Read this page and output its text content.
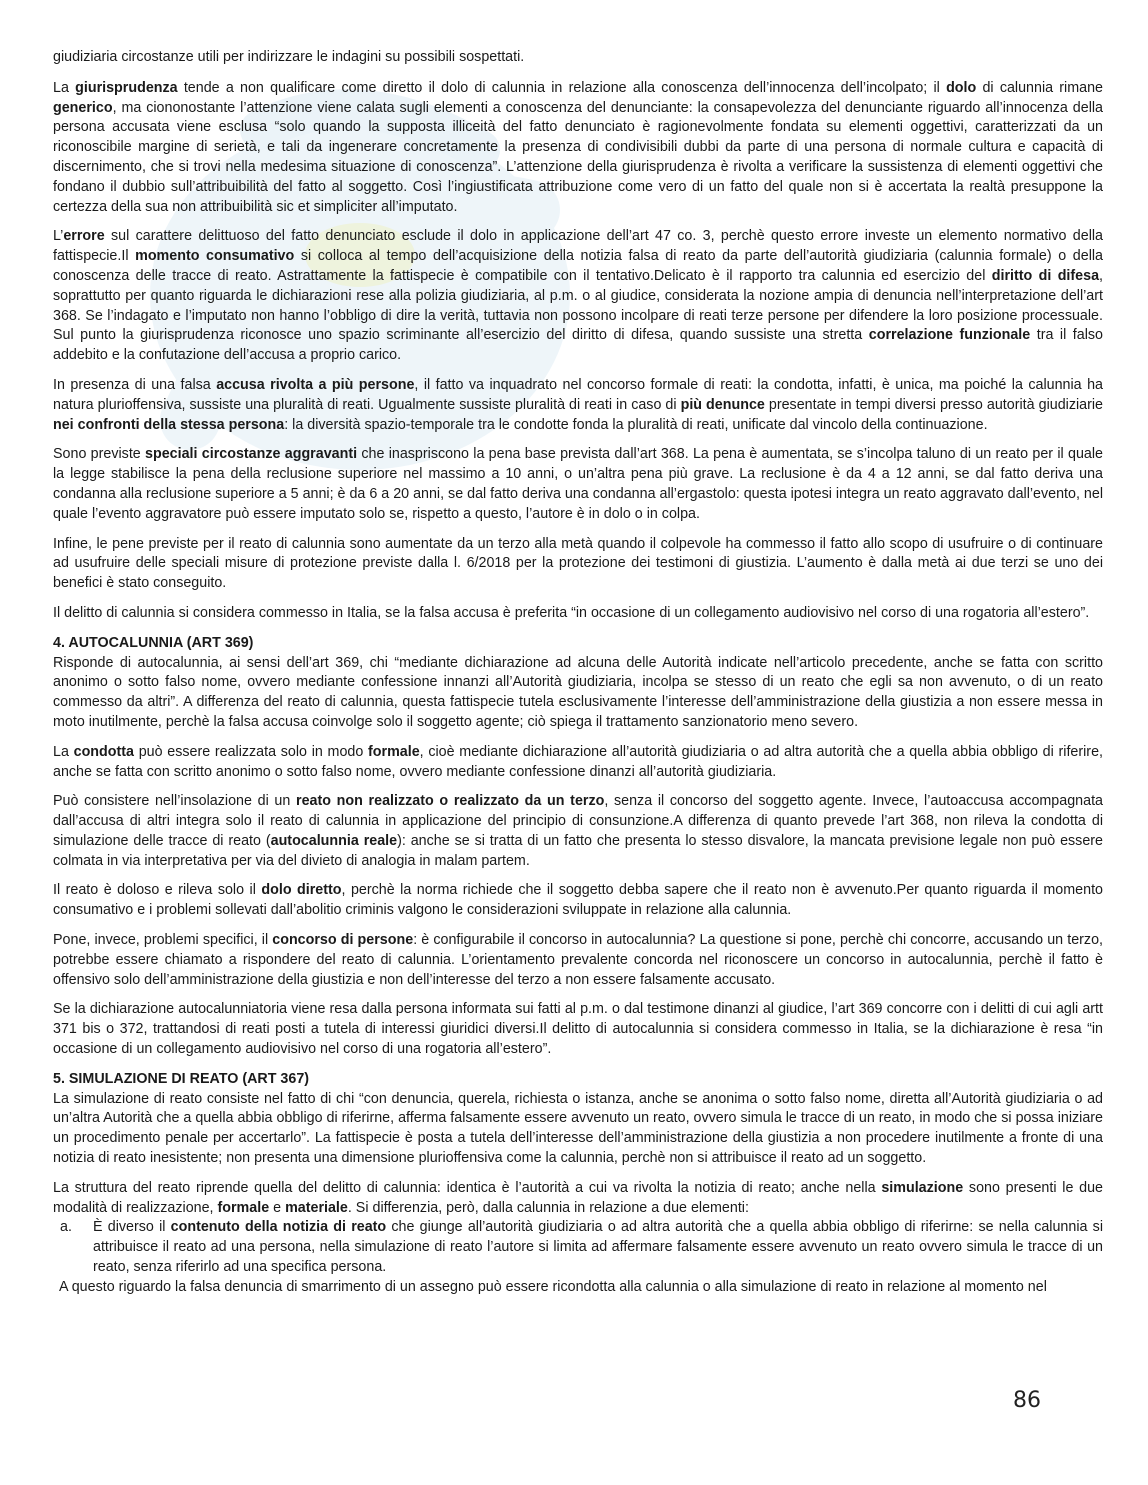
giudiziaria circostanze utili per indirizzare le indagini su possibili sospettati.

La giurisprudenza tende a non qualificare come diretto il dolo di calunnia in relazione alla conoscenza dell’innocenza dell’incolpato; il dolo di calunnia rimane generico, ma ciononostante l’attenzione viene calata sugli elementi a conoscenza del denunciante: la consapevolezza del denunciante riguardo all’innocenza della persona accusata viene esclusa “solo quando la supposta illiceità del fatto denunciato è ragionevolmente fondata su elementi oggettivi, caratterizzati da un riconoscibile margine di serietà, e tali da ingenerare concretamente la presenza di condivisibili dubbi da parte di una persona di normale cultura e capacità di discernimento, che si trovi nella medesima situazione di conoscenza”. L’attenzione della giurisprudenza è rivolta a verificare la sussistenza di elementi oggettivi che fondano il dubbio sull’attribuibilità del fatto al soggetto. Così l’ingiustificata attribuzione come vero di un fatto del quale non si è accertata la realtà presuppone la certezza della sua non attribuibilità sic et simpliciter all’imputato.

L’errore sul carattere delittuoso del fatto denunciato esclude il dolo in applicazione dell’art 47 co. 3, perchè questo errore investe un elemento normativo della fattispecie.Il momento consumativo si colloca al tempo dell’acquisizione della notizia falsa di reato da parte dell’autorità giudiziaria (calunnia formale) o della conoscenza delle tracce di reato. Astrattamente la fattispecie è compatibile con il tentativo.Delicato è il rapporto tra calunnia ed esercizio del diritto di difesa, soprattutto per quanto riguarda le dichiarazioni rese alla polizia giudiziaria, al p.m. o al giudice, considerata la nozione ampia di denuncia nell’interpretazione dell’art 368. Se l’indagato e l’imputato non hanno l’obbligo di dire la verità, tuttavia non possono incolpare di reati terze persone per difendere la loro posizione processuale. Sul punto la giurisprudenza riconosce uno spazio scriminante all’esercizio del diritto di difesa, quando sussiste una stretta correlazione funzionale tra il falso addebito e la confutazione dell’accusa a proprio carico.

In presenza di una falsa accusa rivolta a più persone, il fatto va inquadrato nel concorso formale di reati: la condotta, infatti, è unica, ma poiché la calunnia ha natura plurioffensiva, sussiste una pluralità di reati. Ugualmente sussiste pluralità di reati in caso di più denunce presentate in tempi diversi presso autorità giudiziarie nei confronti della stessa persona: la diversità spazio-temporale tra le condotte fonda la pluralità di reati, unificate dal vincolo della continuazione.

Sono previste speciali circostanze aggravanti che inaspriscono la pena base prevista dall’art 368. La pena è aumentata, se s’incolpa taluno di un reato per il quale la legge stabilisce la pena della reclusione superiore nel massimo a 10 anni, o un’altra pena più grave. La reclusione è da 4 a 12 anni, se dal fatto deriva una condanna alla reclusione superiore a 5 anni; è da 6 a 20 anni, se dal fatto deriva una condanna all’ergastolo: questa ipotesi integra un reato aggravato dall’evento, nel quale l’evento aggravatore può essere imputato solo se, rispetto a questo, l’autore è in dolo o in colpa.

Infine, le pene previste per il reato di calunnia sono aumentate da un terzo alla metà quando il colpevole ha commesso il fatto allo scopo di usufruire o di continuare ad usufruire delle speciali misure di protezione previste dalla l. 6/2018 per la protezione dei testimoni di giustizia. L’aumento è dalla metà ai due terzi se uno dei benefici è stato conseguito.

Il delitto di calunnia si considera commesso in Italia, se la falsa accusa è preferita “in occasione di un collegamento audiovisivo nel corso di una rogatoria all’estero”.

4. AUTOCALUNNIA (ART 369)

Risponde di autocalunnia, ai sensi dell’art 369, chi “mediante dichiarazione ad alcuna delle Autorità indicate nell’articolo precedente, anche se fatta con scritto anonimo o sotto falso nome, ovvero mediante confessione innanzi all’Autorità giudiziaria, incolpa se stesso di un reato che egli sa non avvenuto, o di un reato commesso da altri”. A differenza del reato di calunnia, questa fattispecie tutela esclusivamente l’interesse dell’amministrazione della giustizia a non essere messa in moto inutilmente, perchè la falsa accusa coinvolge solo il soggetto agente; ciò spiega il trattamento sanzionatorio meno severo.

La condotta può essere realizzata solo in modo formale, cioè mediante dichiarazione all’autorità giudiziaria o ad altra autorità che a quella abbia obbligo di riferire, anche se fatta con scritto anonimo o sotto falso nome, ovvero mediante confessione dinanzi all’autorità giudiziaria.

Può consistere nell’insolazione di un reato non realizzato o realizzato da un terzo, senza il concorso del soggetto agente. Invece, l’autoaccusa accompagnata dall’accusa di altri integra solo il reato di calunnia in applicazione del principio di consunzione.A differenza di quanto prevede l’art 368, non rileva la condotta di simulazione delle tracce di reato (autocalunnia reale): anche se si tratta di un fatto che presenta lo stesso disvalore, la mancata previsione legale non può essere colmata in via interpretativa per via del divieto di analogia in malam partem.

Il reato è doloso e rileva solo il dolo diretto, perchè la norma richiede che il soggetto debba sapere che il reato non è avvenuto.Per quanto riguarda il momento consumativo e i problemi sollevati dall’abolitio criminis valgono le considerazioni sviluppate in relazione alla calunnia.

Pone, invece, problemi specifici, il concorso di persone: è configurabile il concorso in autocalunnia? La questione si pone, perchè chi concorre, accusando un terzo, potrebbe essere chiamato a rispondere del reato di calunnia. L’orientamento prevalente concorda nel riconoscere un concorso in autocalunnia, perchè il fatto è offensivo solo dell’amministrazione della giustizia e non dell’interesse del terzo a non essere falsamente accusato.

Se la dichiarazione autocalunniatoria viene resa dalla persona informata sui fatti al p.m. o dal testimone dinanzi al giudice, l’art 369 concorre con i delitti di cui agli artt 371 bis o 372, trattandosi di reati posti a tutela di interessi giuridici diversi.Il delitto di autocalunnia si considera commesso in Italia, se la dichiarazione è resa “in occasione di un collegamento audiovisivo nel corso di una rogatoria all’estero”.

5. SIMULAZIONE DI REATO (ART 367)

La simulazione di reato consiste nel fatto di chi “con denuncia, querela, richiesta o istanza, anche se anonima o sotto falso nome, diretta all’Autorità giudiziaria o ad un’altra Autorità che a quella abbia obbligo di riferirne, afferma falsamente essere avvenuto un reato, ovvero simula le tracce di un reato, in modo che si possa iniziare un procedimento penale per accertarlo”. La fattispecie è posta a tutela dell’interesse dell’amministrazione della giustizia a non procedere inutilmente a fronte di una notizia di reato inesistente; non presenta una dimensione plurioffensiva come la calunnia, perchè non si attribuisce il reato ad un soggetto.

La struttura del reato riprende quella del delitto di calunnia: identica è l’autorità a cui va rivolta la notizia di reato; anche nella simulazione sono presenti le due modalità di realizzazione, formale e materiale. Si differenzia, però, dalla calunnia in relazione a due elementi:

a.	È diverso il contenuto della notizia di reato che giunge all’autorità giudiziaria o ad altra autorità che a quella abbia obbligo di riferirne: se nella calunnia si attribuisce il reato ad una persona, nella simulazione di reato l’autore si limita ad affermare falsamente essere avvenuto un reato ovvero simula le tracce di un reato, senza riferirlo ad una specifica persona.

A questo riguardo la falsa denuncia di smarrimento di un assegno può essere ricondotta alla calunnia o alla simulazione di reato in relazione al momento nel

86
